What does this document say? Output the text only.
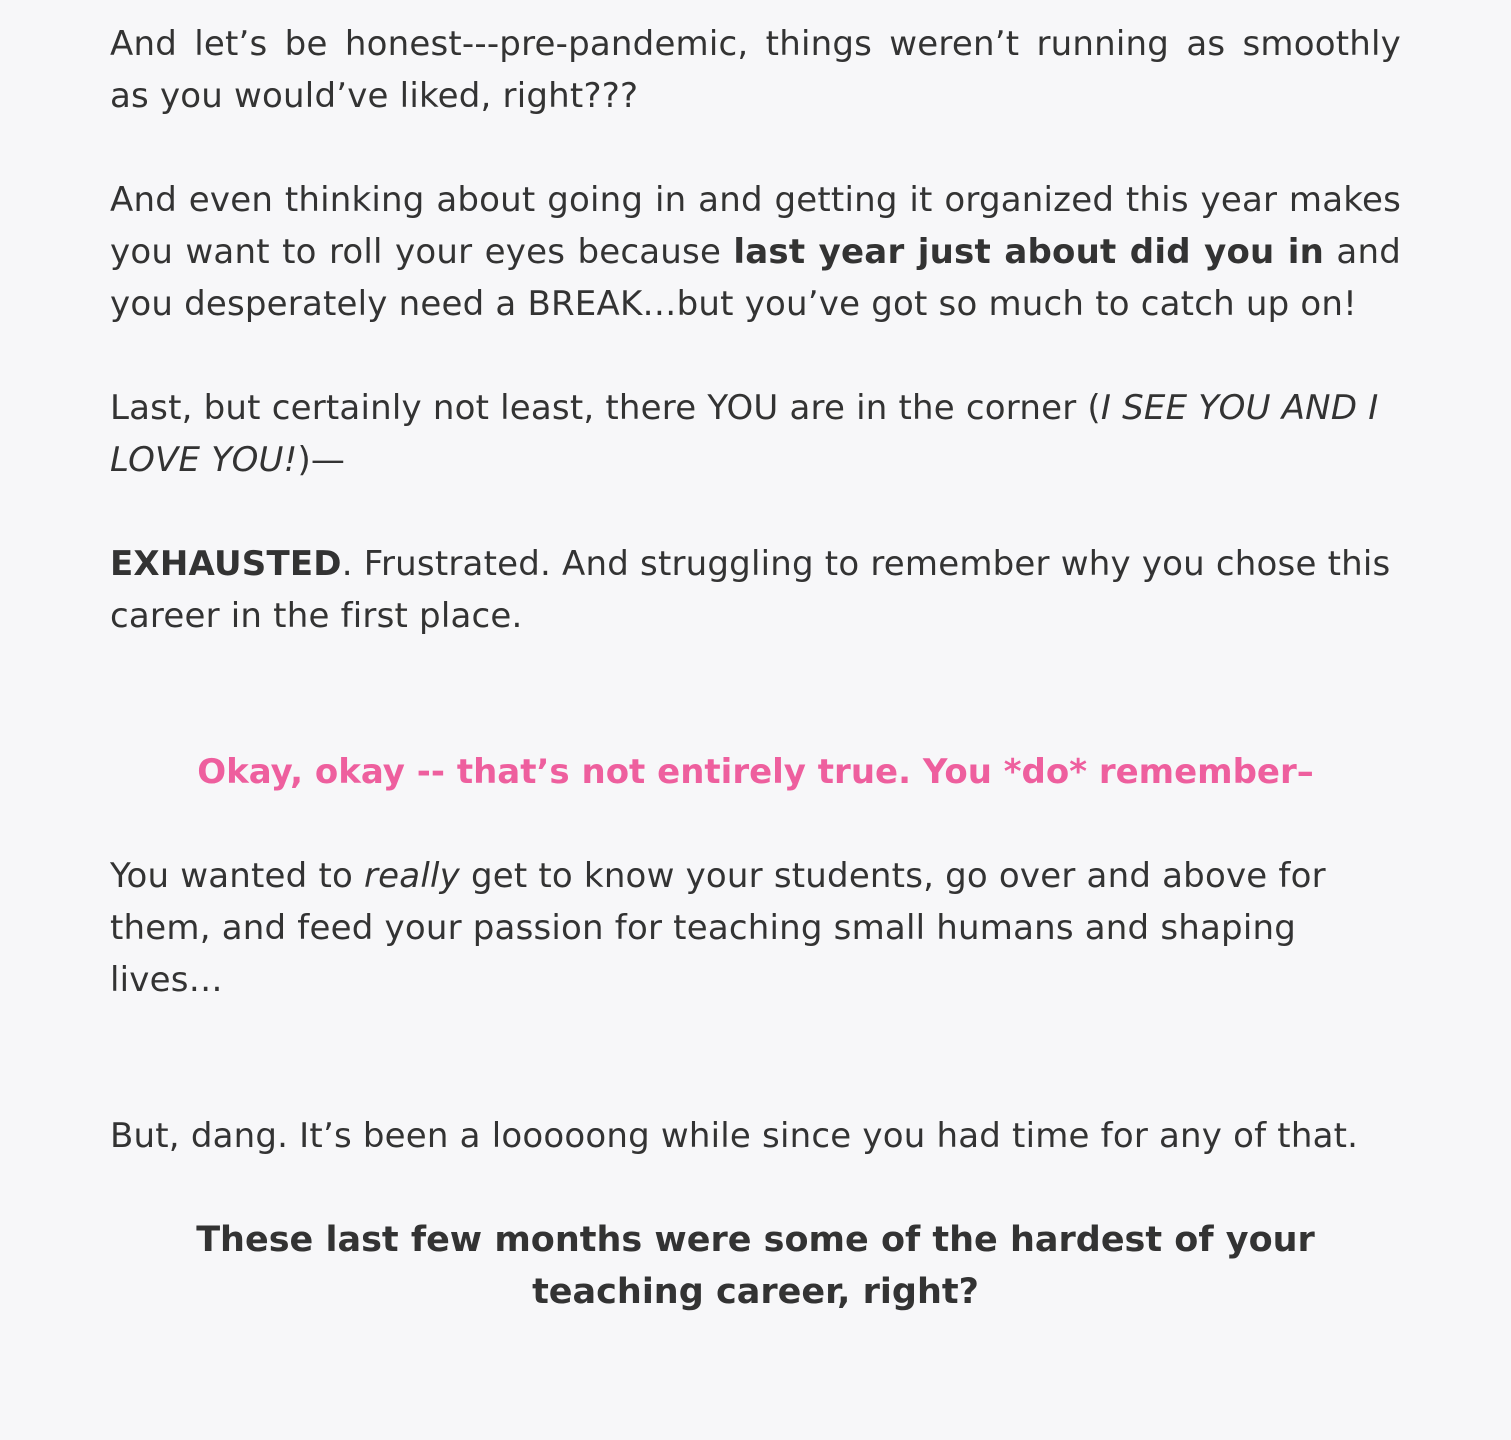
And let’s be honest---pre-pandemic, things weren’t running as smoothly as you would’ve liked, right???

And even thinking about going in and getting it organized this year makes you want to roll your eyes because last year just about did you in and you desperately need a BREAK…but you’ve got so much to catch up on!

Last, but certainly not least, there YOU are in the corner (I SEE YOU AND I LOVE YOU!)—

EXHAUSTED. Frustrated. And struggling to remember why you chose this career in the first place.

Okay, okay -- that’s not entirely true. You *do* remember–

You wanted to really get to know your students, go over and above for them, and feed your passion for teaching small humans and shaping lives…

But, dang. It’s been a looooong while since you had time for any of that.

These last few months were some of the hardest of your teaching career, right?
